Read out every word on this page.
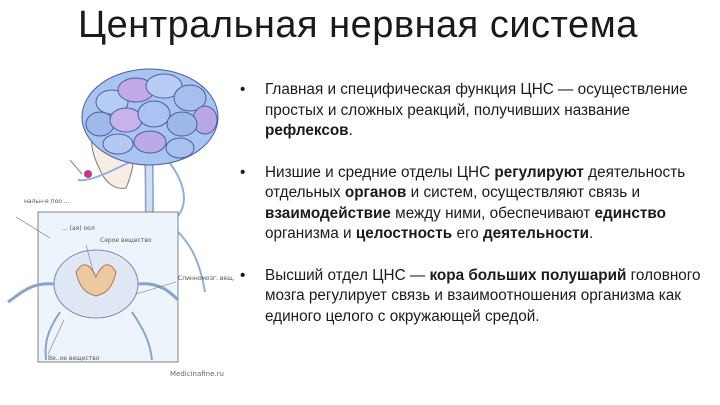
Центральная нервная система
нальн-е поо ...
... (ая) оол
Серое вещество
Спинномозг. вещ.
Ве..ое вещество
Medicinafine.ru
• Главная и специфическая функция ЦНС — осуществление простых и сложных реакций, получивших название рефлексов.
• Низшие и средние отделы ЦНС регулируют деятельность отдельных органов и систем, осуществляют связь и взаимодействие между ними, обеспечивают единство организма и целостность его деятельности.
• Высший отдел ЦНС — кора больших полушарий головного мозга регулирует связь и взаимоотношения организма как единого целого с окружающей средой.
